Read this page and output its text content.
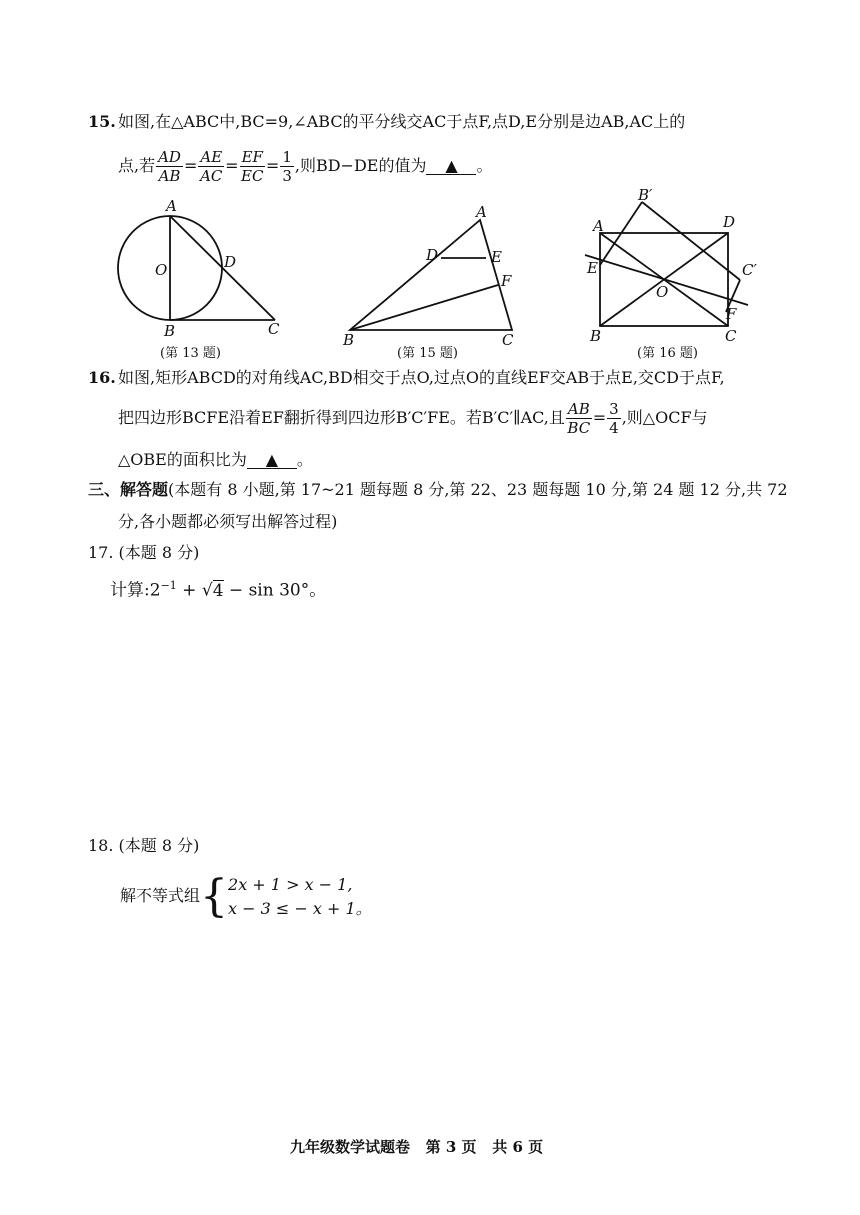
15. 如图,在△ABC中,BC=9,∠ABC的平分线交AC于点F,点D,E分别是边AB,AC上的
点,若 $\frac{AD}{AB} = \frac{AE}{AC} = \frac{EF}{EC} = \frac{1}{3}$ ,则BD−DE的值为 ▲ 。
A
O	D
B	C
(第 13 题)
A
D	E
F
B	C
(第 15 题)
B′
A	D
E	C′
O
F
B	C
(第 16 题)
16. 如图,矩形ABCD的对角线AC,BD相交于点O,过点O的直线EF交AB于点E,交CD于点F,
把四边形BCFE沿着EF翻折得到四边形B′C′FE。若B′C′∥AC,且 $\frac{AB}{BC} = \frac{3}{4}$ ,则△OCF与
△OBE的面积比为 ▲ 。
三、解答题(本题有 8 小题,第 17~21 题每题 8 分,第 22、23 题每题 10 分,第 24 题 12 分,共 72
分,各小题都必须写出解答过程)
17. (本题 8 分)
计算$:2^{-1} + √4 - \sin 30^\circ$。
18. (本题 8 分)
解不等式组{ 2x + 1 > x − 1,
x − 3 ≤ − x + 1。
九年级数学试题卷   第 3 页   共 6 页
